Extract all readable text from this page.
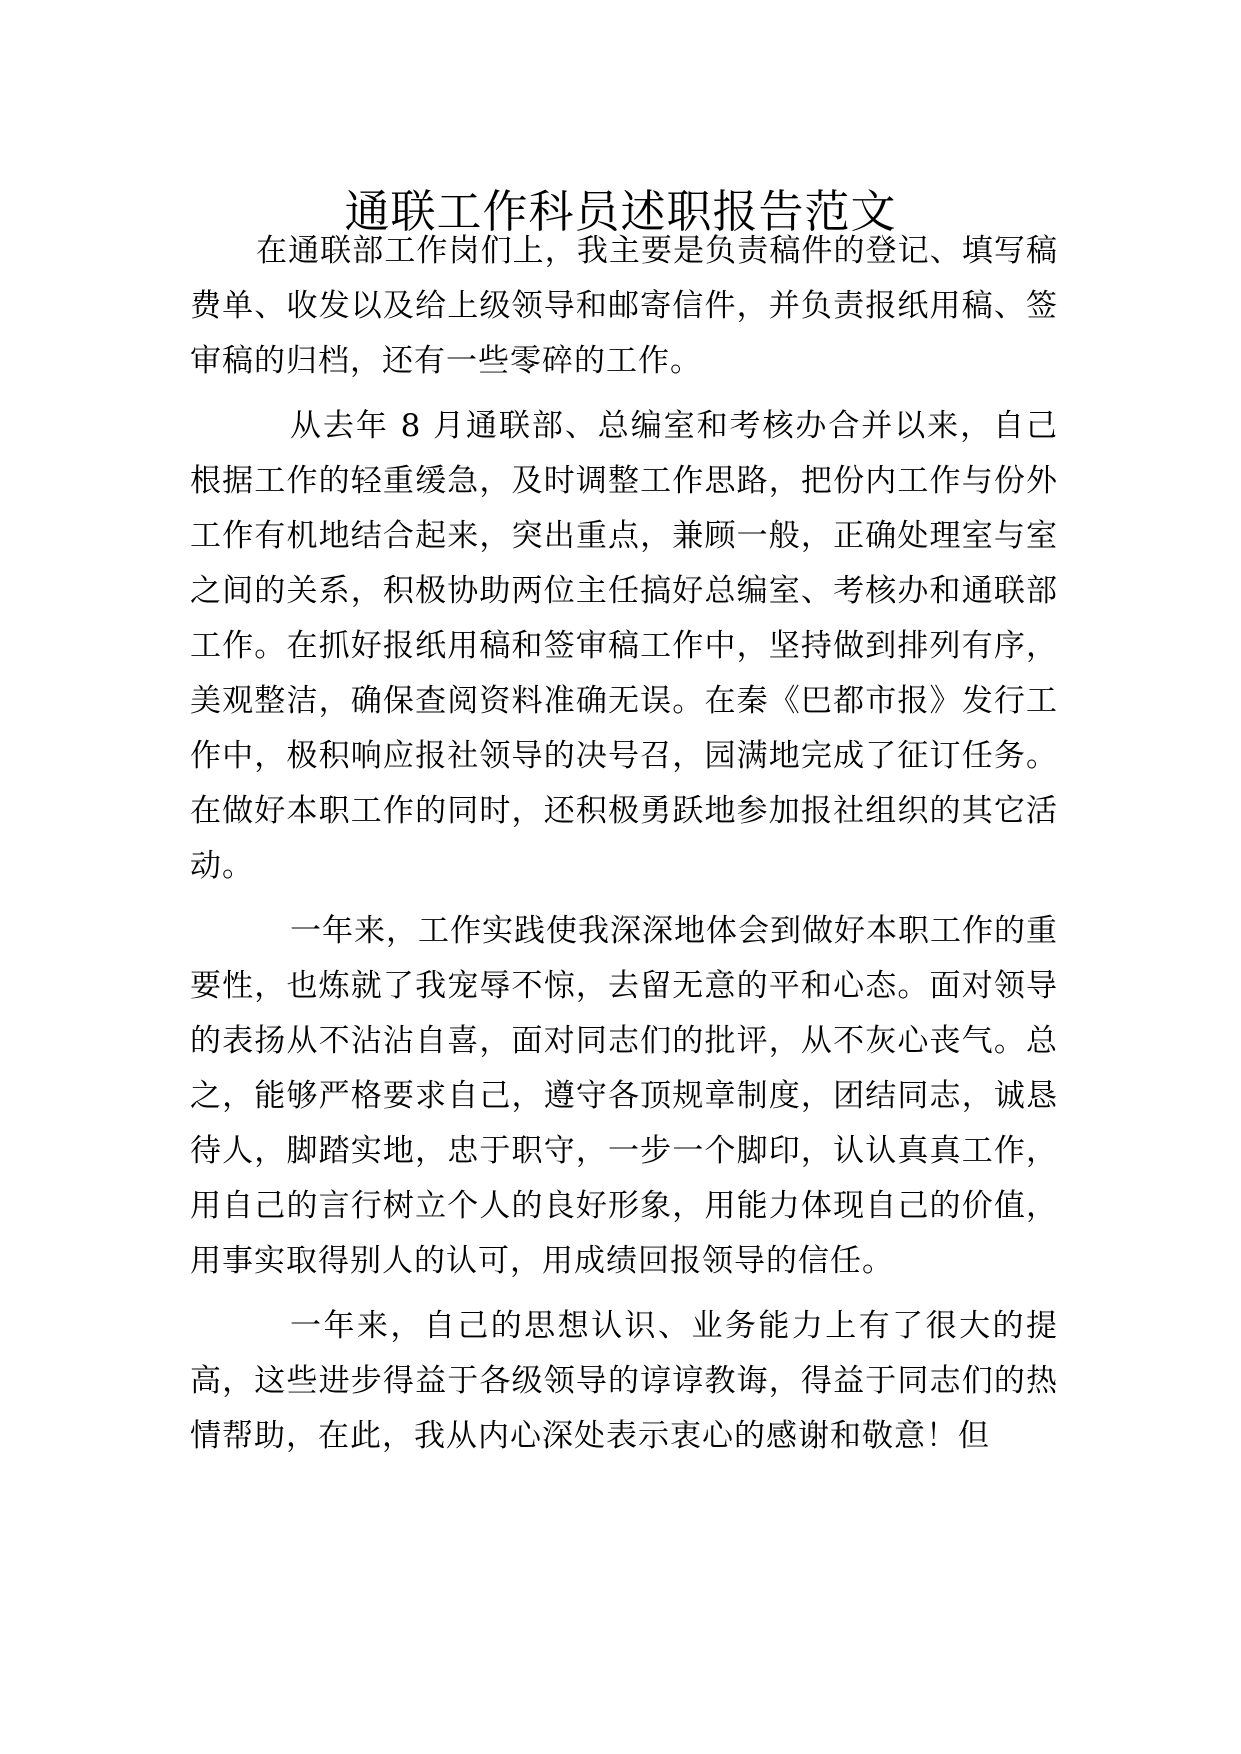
通联工作科员述职报告范文

在通联部工作岗们上，我主要是负责稿件的登记、填写稿费单、收发以及给上级领导和邮寄信件，并负责报纸用稿、签审稿的归档，还有一些零碎的工作。

从去年 8 月通联部、总编室和考核办合并以来，自己根据工作的轻重缓急，及时调整工作思路，把份内工作与份外工作有机地结合起来，突出重点，兼顾一般，正确处理室与室之间的关系，积极协助两位主任搞好总编室、考核办和通联部工作。在抓好报纸用稿和签审稿工作中，坚持做到排列有序，美观整洁，确保查阅资料准确无误。在秦《巴都市报》发行工作中，极积响应报社领导的决号召，园满地完成了征订任务。在做好本职工作的同时，还积极勇跃地参加报社组织的其它活动。

一年来，工作实践使我深深地体会到做好本职工作的重要性，也炼就了我宠辱不惊，去留无意的平和心态。面对领导的表扬从不沾沾自喜，面对同志们的批评，从不灰心丧气。总之，能够严格要求自己，遵守各顶规章制度，团结同志，诚恳待人，脚踏实地，忠于职守，一步一个脚印，认认真真工作，用自己的言行树立个人的良好形象，用能力体现自己的价值，用事实取得别人的认可，用成绩回报领导的信任。

一年来，自己的思想认识、业务能力上有了很大的提高，这些进步得益于各级领导的谆谆教诲，得益于同志们的热情帮助，在此，我从内心深处表示衷心的感谢和敬意！但
